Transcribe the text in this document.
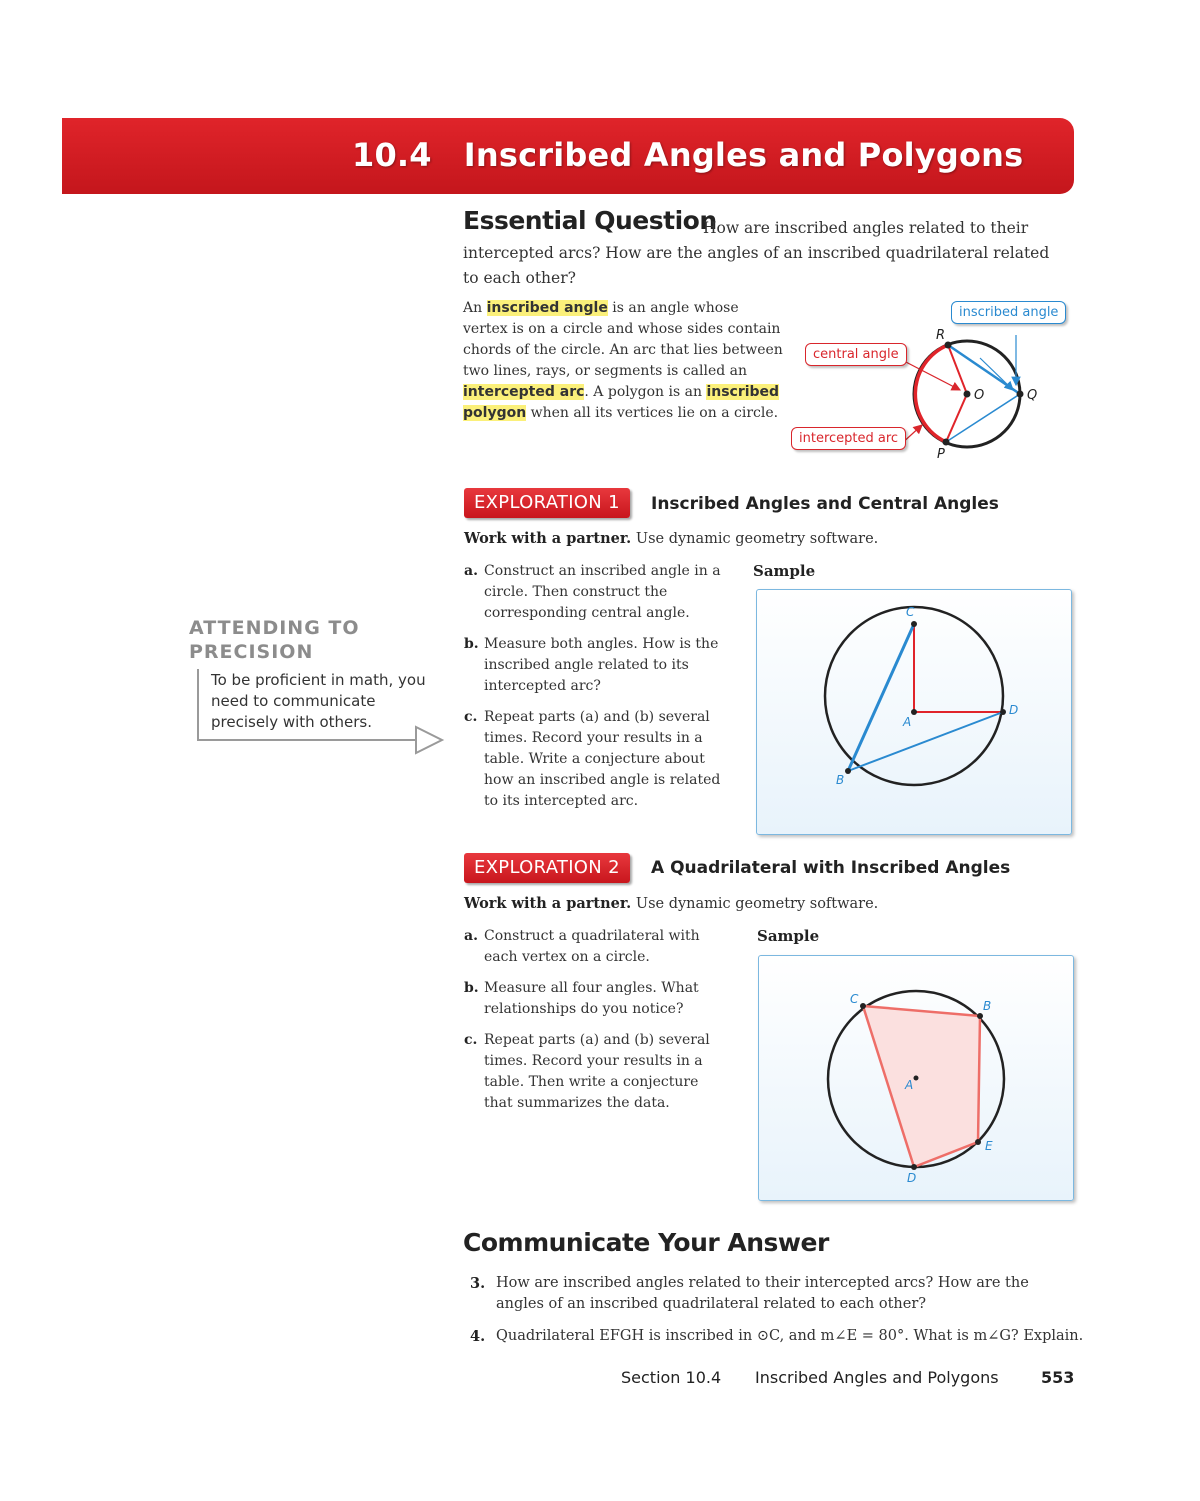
10.4 Inscribed Angles and Polygons
Essential Question
How are inscribed angles related to their intercepted arcs? How are the angles of an inscribed quadrilateral related to each other?
An inscribed angle is an angle whose vertex is on a circle and whose sides contain chords of the circle. An arc that lies between two lines, rays, or segments is called an intercepted arc. A polygon is an inscribed polygon when all its vertices lie on a circle.
R
O	Q
P
inscribed angle
central angle
intercepted arc
EXPLORATION 1	Inscribed Angles and Central Angles
Work with a partner. Use dynamic geometry software.
a. Construct an inscribed angle in a circle. Then construct the corresponding central angle.
b. Measure both angles. How is the inscribed angle related to its intercepted arc?
c. Repeat parts (a) and (b) several times. Record your results in a table. Write a conjecture about how an inscribed angle is related to its intercepted arc.
Sample
C
A
D
B
ATTENDING TO
PRECISION
To be proficient in math, you need to communicate precisely with others.
EXPLORATION 2	A Quadrilateral with Inscribed Angles
Work with a partner. Use dynamic geometry software.
a. Construct a quadrilateral with each vertex on a circle.
b. Measure all four angles. What relationships do you notice?
c. Repeat parts (a) and (b) several times. Record your results in a table. Then write a conjecture that summarizes the data.
Sample
C	B
A
E
D
Communicate Your Answer
3. How are inscribed angles related to their intercepted arcs? How are the angles of an inscribed quadrilateral related to each other?
4. Quadrilateral EFGH is inscribed in ⊙C, and m∠E = 80°. What is m∠G? Explain.
Section 10.4 Inscribed Angles and Polygons	553
